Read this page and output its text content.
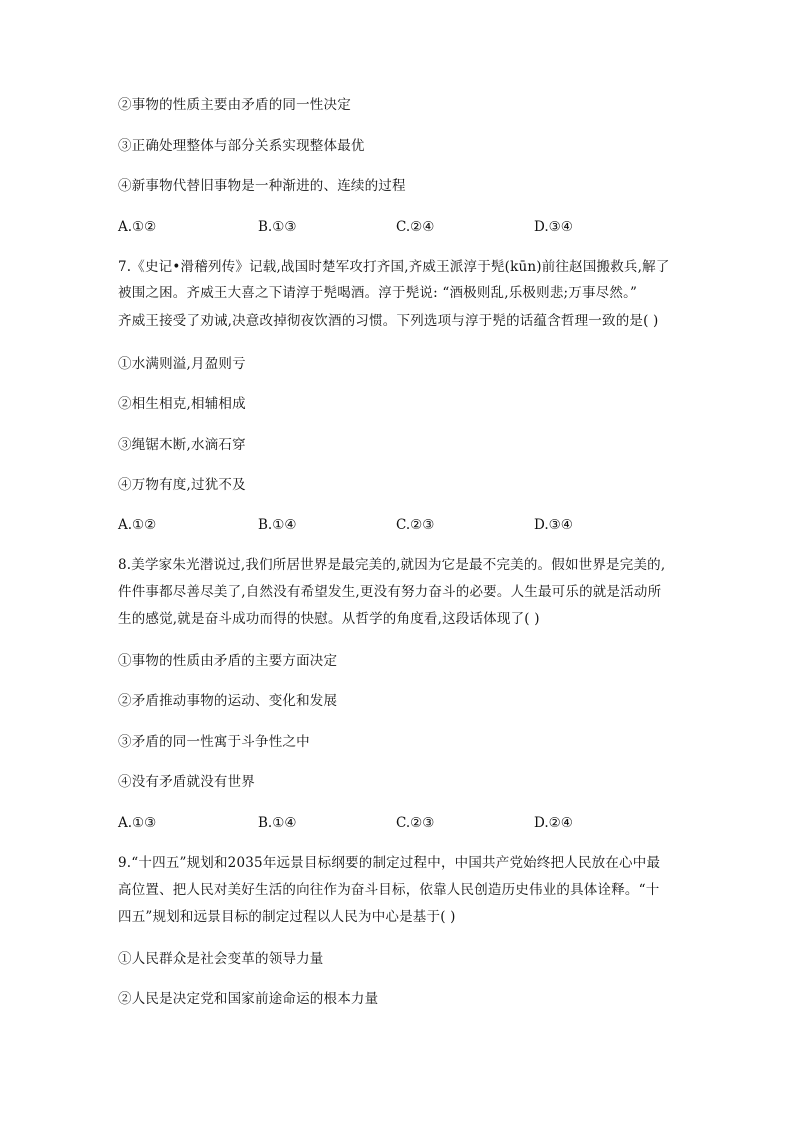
②事物的性质主要由矛盾的同一性决定
③正确处理整体与部分关系实现整体最优
④新事物代替旧事物是一种渐进的、连续的过程
A.①②	B.①③	C.②④	D.③④
7.《史记•滑稽列传》记载,战国时楚军攻打齐国,齐威王派淳于髡(kūn)前往赵国搬救兵,解了
被围之困。齐威王大喜之下请淳于髡喝酒。淳于髡说: “酒极则乱,乐极则悲;万事尽然。”
齐威王接受了劝诫,决意改掉彻夜饮酒的习惯。下列选项与淳于髡的话蕴含哲理一致的是( )
①水满则溢,月盈则亏
②相生相克,相辅相成
③绳锯木断,水滴石穿
④万物有度,过犹不及
A.①②	B.①④	C.②③	D.③④
8.美学家朱光潜说过,我们所居世界是最完美的,就因为它是最不完美的。假如世界是完美的,
件件事都尽善尽美了,自然没有希望发生,更没有努力奋斗的必要。人生最可乐的就是活动所
生的感觉,就是奋斗成功而得的快慰。从哲学的角度看,这段话体现了( )
①事物的性质由矛盾的主要方面决定
②矛盾推动事物的运动、变化和发展
③矛盾的同一性寓于斗争性之中
④没有矛盾就没有世界
A.①③	B.①④	C.②③	D.②④
9.“十四五”规划和2035年远景目标纲要的制定过程中，中国共产党始终把人民放在心中最
高位置、把人民对美好生活的向往作为奋斗目标，依靠人民创造历史伟业的具体诠释。“十
四五”规划和远景目标的制定过程以人民为中心是基于( )
①人民群众是社会变革的领导力量
②人民是决定党和国家前途命运的根本力量
